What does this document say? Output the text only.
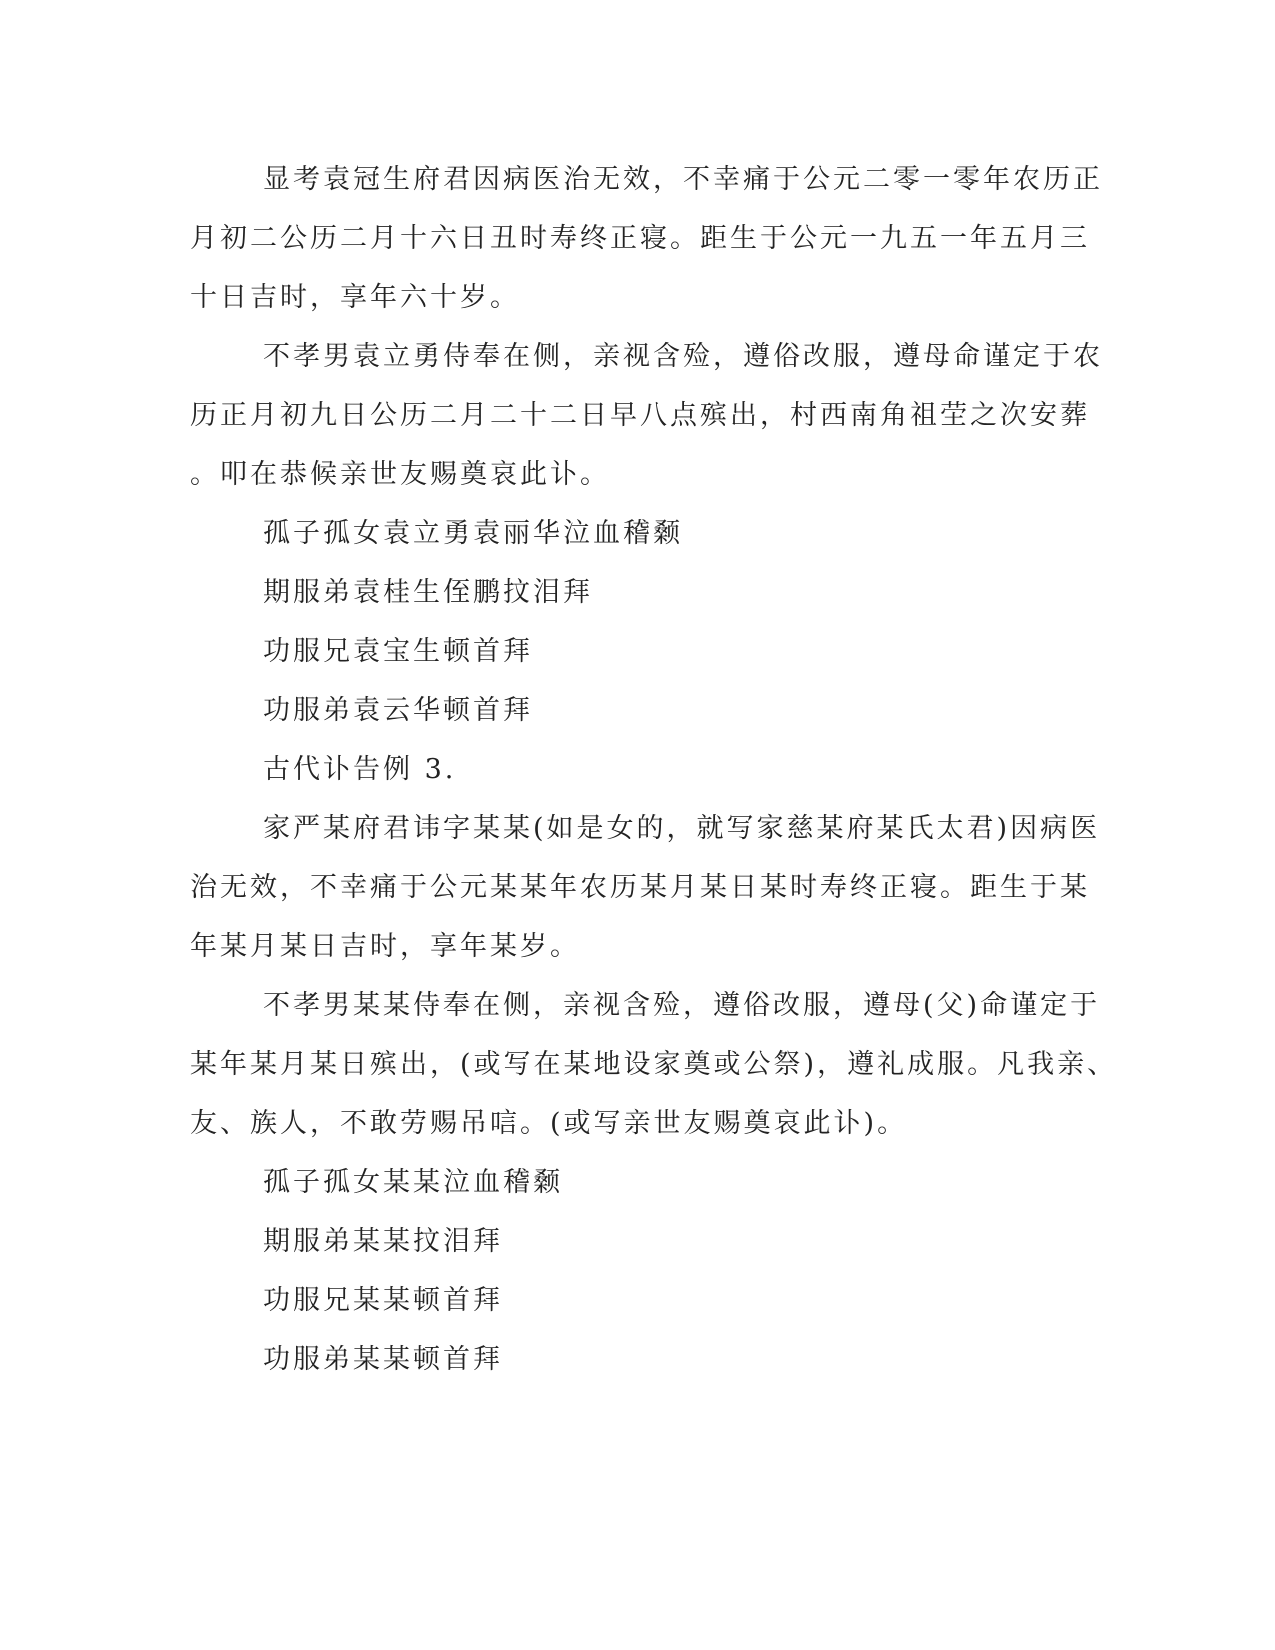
显考袁冠生府君因病医治无效，不幸痛于公元二零一零年农历正
月初二公历二月十六日丑时寿终正寝。距生于公元一九五一年五月三
十日吉时，享年六十岁。
不孝男袁立勇侍奉在侧，亲视含殓，遵俗改服，遵母命谨定于农
历正月初九日公历二月二十二日早八点殡出，村西南角祖茔之次安葬
。叩在恭候亲世友赐奠哀此讣。
孤子孤女袁立勇袁丽华泣血稽颡
期服弟袁桂生侄鹏抆泪拜
功服兄袁宝生顿首拜
功服弟袁云华顿首拜
古代讣告例 3.
家严某府君讳字某某(如是女的，就写家慈某府某氏太君)因病医
治无效，不幸痛于公元某某年农历某月某日某时寿终正寝。距生于某
年某月某日吉时，享年某岁。
不孝男某某侍奉在侧，亲视含殓，遵俗改服，遵母(父)命谨定于
某年某月某日殡出，(或写在某地设家奠或公祭)，遵礼成服。凡我亲、
友、族人，不敢劳赐吊唁。(或写亲世友赐奠哀此讣)。
孤子孤女某某泣血稽颡
期服弟某某抆泪拜
功服兄某某顿首拜
功服弟某某顿首拜
